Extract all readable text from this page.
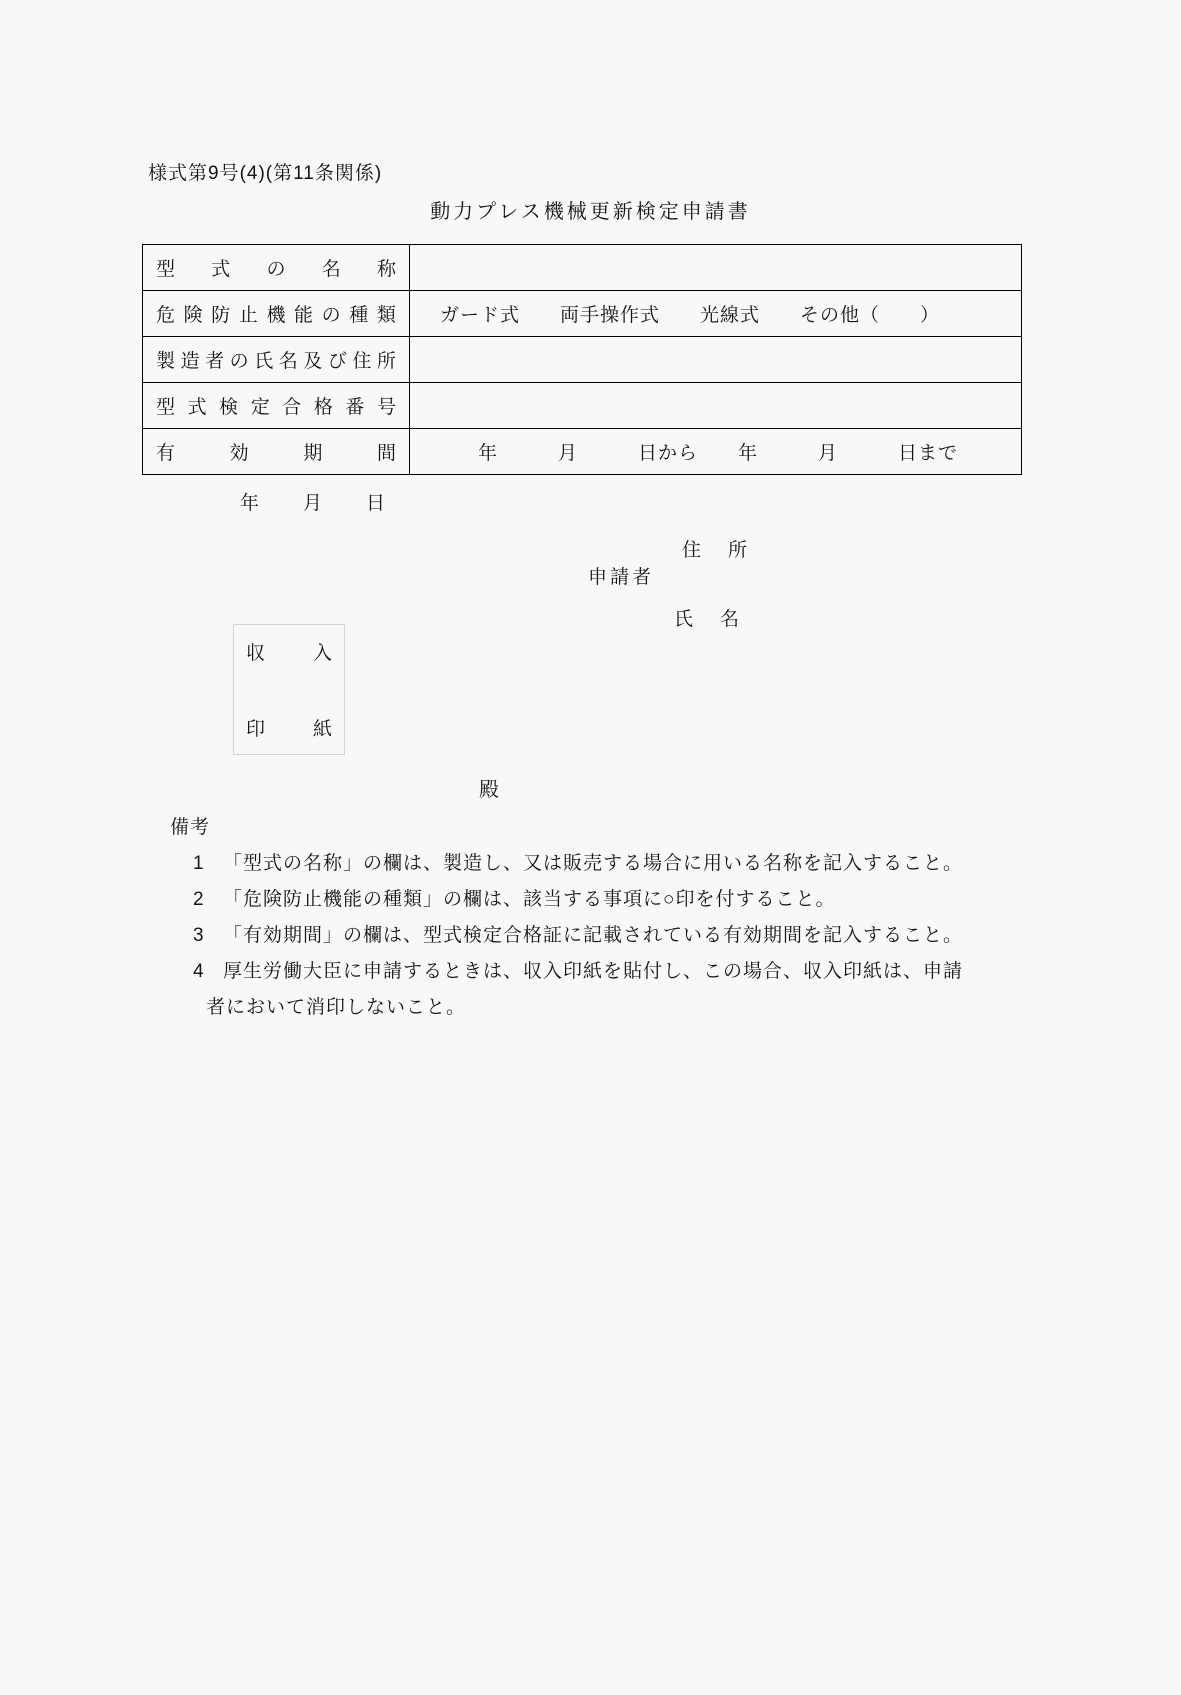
様式第9号(4)(第11条関係)
動力プレス機械更新検定申請書
型 式 の 名 称	

危 険 防 止 機 能 の 種 類	ガード式　　両手操作式　　光線式　　その他（　　）

製 造 者 の 氏 名 及 び 住 所

型 式 検 定 合 格 番 号

有 効 期 間	年　　　月　　　日から　　年　　　月　　　日まで
年　　月　　日
住　所
申請者
氏　名
収	入
印	紙
殿
備考
1 「型式の名称」の欄は、製造し、又は販売する場合に用いる名称を記入すること。
2 「危険防止機能の種類」の欄は、該当する事項に○印を付すること。
3 「有効期間」の欄は、型式検定合格証に記載されている有効期間を記入すること。
4 厚生労働大臣に申請するときは、収入印紙を貼付し、この場合、収入印紙は、申請者において消印しないこと。
